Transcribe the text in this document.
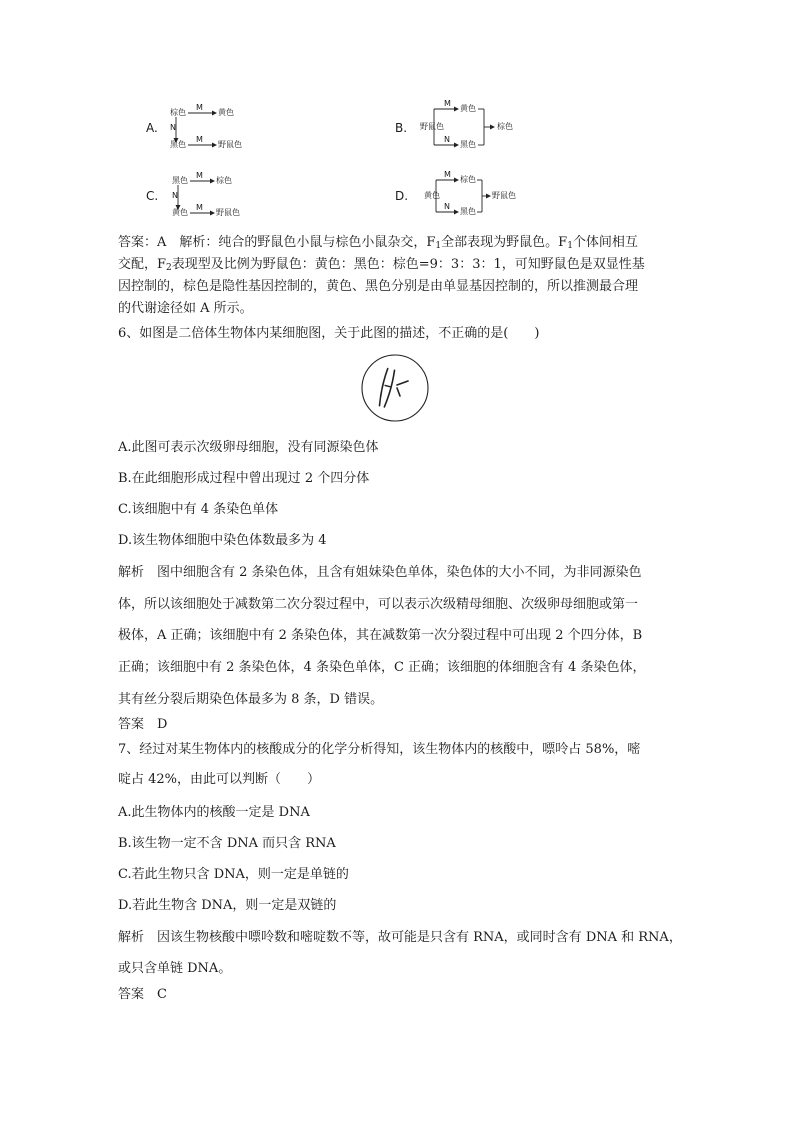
A.
棕色
M
黄色
N
黑色
M
野鼠色
B. 野鼠色
M
黄色
N
黑色
棕色
C.
黑色
M
棕色
N
黄色
M
野鼠色
D. 黄色
M
棕色
N
黑色
野鼠色
答案：A　解析：纯合的野鼠色小鼠与棕色小鼠杂交，$F_1$全部表现为野鼠色。$F_1$个体间相互
交配，$F_2$表现型及比例为野鼠色：黄色：黑色：棕色=9：3：3：1，可知野鼠色是双显性基
因控制的，棕色是隐性基因控制的，黄色、黑色分别是由单显基因控制的，所以推测最合理
的代谢途径如 A 所示。
6、如图是二倍体生物体内某细胞图，关于此图的描述，不正确的是(　　)
A.此图可表示次级卵母细胞，没有同源染色体
B.在此细胞形成过程中曾出现过 2 个四分体
C.该细胞中有 4 条染色单体
D.该生物体细胞中染色体数最多为 4
解析　图中细胞含有 2 条染色体，且含有姐妹染色单体，染色体的大小不同，为非同源染色
体，所以该细胞处于减数第二次分裂过程中，可以表示次级精母细胞、次级卵母细胞或第一
极体，A 正确；该细胞中有 2 条染色体，其在减数第一次分裂过程中可出现 2 个四分体，B
正确；该细胞中有 2 条染色体，4 条染色单体，C 正确；该细胞的体细胞含有 4 条染色体，
其有丝分裂后期染色体最多为 8 条，D 错误。
答案　D
7、经过对某生物体内的核酸成分的化学分析得知，该生物体内的核酸中，嘌呤占 58%，嘧
啶占 42%，由此可以判断（　　）
A.此生物体内的核酸一定是 DNA
B.该生物一定不含 DNA 而只含 RNA
C.若此生物只含 DNA，则一定是单链的
D.若此生物含 DNA，则一定是双链的
解析　因该生物核酸中嘌呤数和嘧啶数不等，故可能是只含有 RNA，或同时含有 DNA 和 RNA，
或只含单链 DNA。
答案　C
